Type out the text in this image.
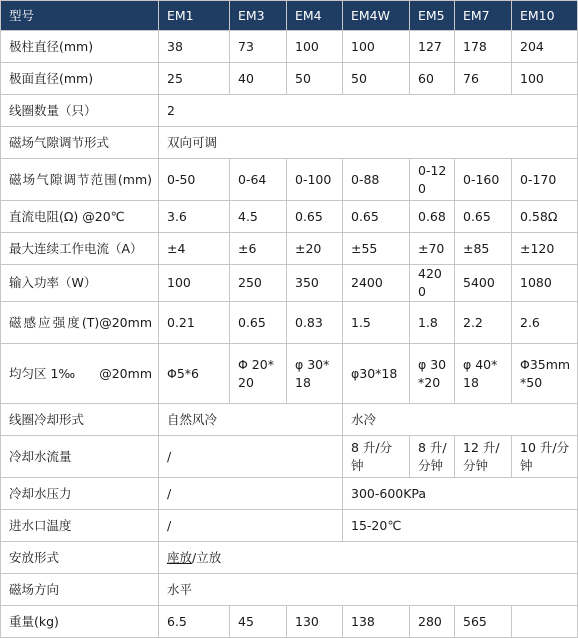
型号	EM1	EM3	EM4	EM4W	EM5	EM7	EM10
极柱直径(mm)	38	73	100	100	127	178	204
极面直径(mm)	25	40	50	50	60	76	100
线圈数量（只）	2						
磁场气隙调节形式	双向可调						
磁场气隙调节范围(mm)	0-50	0-64	0-100	0-88	0-120	0-160	0-170
直流电阻(Ω) @20℃	3.6	4.5	0.65	0.65	0.68	0.65	0.58Ω
最大连续工作电流（A）	±4	±6	±20	±55	±70	±85	±120
输入功率（W）	100	250	350	2400	4200	5400	1080
磁感应强度(T)@20mm	0.21	0.65	0.83	1.5	1.8	2.2	2.6
均匀区 1‰ @20mm	Φ5*6	Φ 20*20	φ 30*18	φ30*18	φ 30*20	φ 40*18	Φ35mm *50
线圈冷却形式	自然风冷			水冷			
冷却水流量	/			8 升/分钟	8 升/分钟	12 升/分钟	10 升/分钟
冷却水压力	/			300-600KPa			
进水口温度	/			15-20℃			
安放形式	座放/立放						
磁场方向	水平						
重量(kg)	6.5	45	130	138	280	565	
